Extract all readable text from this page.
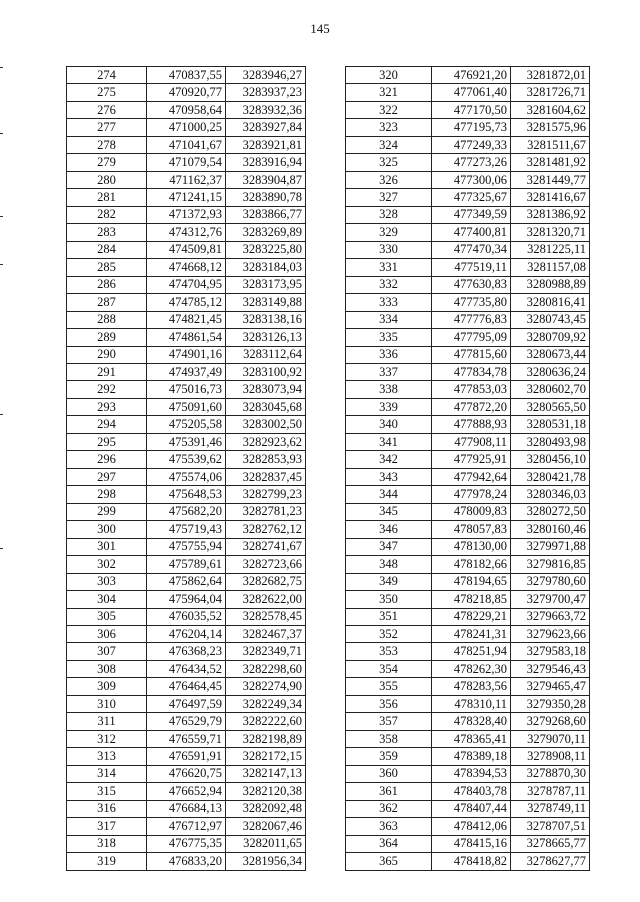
145
274	470837,55	3283946,27
275	470920,77	3283937,23
276	470958,64	3283932,36
277	471000,25	3283927,84
278	471041,67	3283921,81
279	471079,54	3283916,94
280	471162,37	3283904,87
281	471241,15	3283890,78
282	471372,93	3283866,77
283	474312,76	3283269,89
284	474509,81	3283225,80
285	474668,12	3283184,03
286	474704,95	3283173,95
287	474785,12	3283149,88
288	474821,45	3283138,16
289	474861,54	3283126,13
290	474901,16	3283112,64
291	474937,49	3283100,92
292	475016,73	3283073,94
293	475091,60	3283045,68
294	475205,58	3283002,50
295	475391,46	3282923,62
296	475539,62	3282853,93
297	475574,06	3282837,45
298	475648,53	3282799,23
299	475682,20	3282781,23
300	475719,43	3282762,12
301	475755,94	3282741,67
302	475789,61	3282723,66
303	475862,64	3282682,75
304	475964,04	3282622,00
305	476035,52	3282578,45
306	476204,14	3282467,37
307	476368,23	3282349,71
308	476434,52	3282298,60
309	476464,45	3282274,90
310	476497,59	3282249,34
311	476529,79	3282222,60
312	476559,71	3282198,89
313	476591,91	3282172,15
314	476620,75	3282147,13
315	476652,94	3282120,38
316	476684,13	3282092,48
317	476712,97	3282067,46
318	476775,35	3282011,65
319	476833,20	3281956,34
320	476921,20	3281872,01
321	477061,40	3281726,71
322	477170,50	3281604,62
323	477195,73	3281575,96
324	477249,33	3281511,67
325	477273,26	3281481,92
326	477300,06	3281449,77
327	477325,67	3281416,67
328	477349,59	3281386,92
329	477400,81	3281320,71
330	477470,34	3281225,11
331	477519,11	3281157,08
332	477630,83	3280988,89
333	477735,80	3280816,41
334	477776,83	3280743,45
335	477795,09	3280709,92
336	477815,60	3280673,44
337	477834,78	3280636,24
338	477853,03	3280602,70
339	477872,20	3280565,50
340	477888,93	3280531,18
341	477908,11	3280493,98
342	477925,91	3280456,10
343	477942,64	3280421,78
344	477978,24	3280346,03
345	478009,83	3280272,50
346	478057,83	3280160,46
347	478130,00	3279971,88
348	478182,66	3279816,85
349	478194,65	3279780,60
350	478218,85	3279700,47
351	478229,21	3279663,72
352	478241,31	3279623,66
353	478251,94	3279583,18
354	478262,30	3279546,43
355	478283,56	3279465,47
356	478310,11	3279350,28
357	478328,40	3279268,60
358	478365,41	3279070,11
359	478389,18	3278908,11
360	478394,53	3278870,30
361	478403,78	3278787,11
362	478407,44	3278749,11
363	478412,06	3278707,51
364	478415,16	3278665,77
365	478418,82	3278627,77
